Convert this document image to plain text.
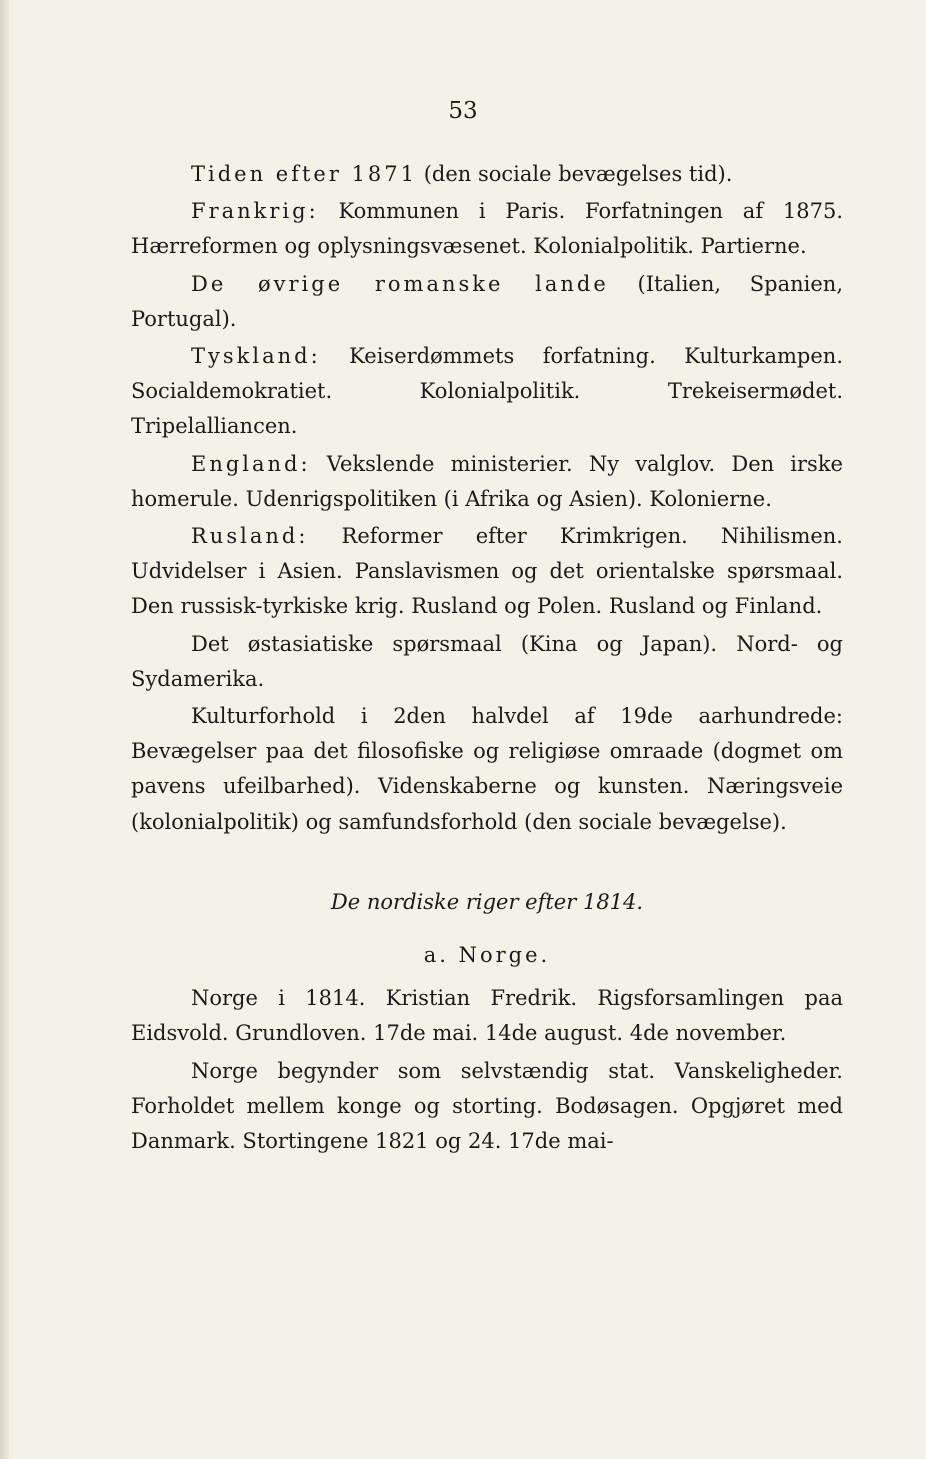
53

Tiden efter 1871 (den sociale bevægelses tid).

Frankrig: Kommunen i Paris. Forfatningen af 1875. Hærreformen og oplysningsvæsenet. Kolonialpolitik. Partierne.

De øvrige romanske lande (Italien, Spanien, Portugal).

Tyskland: Keiserdømmets forfatning. Kulturkampen. Socialdemokratiet. Kolonialpolitik. Trekeisermødet. Tripelalliancen.

England: Vekslende ministerier. Ny valglov. Den irske homerule. Udenrigspolitiken (i Afrika og Asien). Kolonierne.

Rusland: Reformer efter Krimkrigen. Nihilismen. Udvidelser i Asien. Panslavismen og det orientalske spørsmaal. Den russisk-tyrkiske krig. Rusland og Polen. Rusland og Finland.

Det østasiatiske spørsmaal (Kina og Japan). Nord- og Sydamerika.

Kulturforhold i 2den halvdel af 19de aarhundrede: Bevægelser paa det filosofiske og religiøse omraade (dogmet om pavens ufeilbarhed). Videnskaberne og kunsten. Næringsveie (kolonialpolitik) og samfundsforhold (den sociale bevægelse).

De nordiske riger efter 1814.
a. Norge.

Norge i 1814. Kristian Fredrik. Rigsforsamlingen paa Eidsvold. Grundloven. 17de mai. 14de august. 4de november.

Norge begynder som selvstændig stat. Vanskeligheder. Forholdet mellem konge og storting. Bodøsagen. Opgjøret med Danmark. Stortingene 1821 og 24. 17de mai-
